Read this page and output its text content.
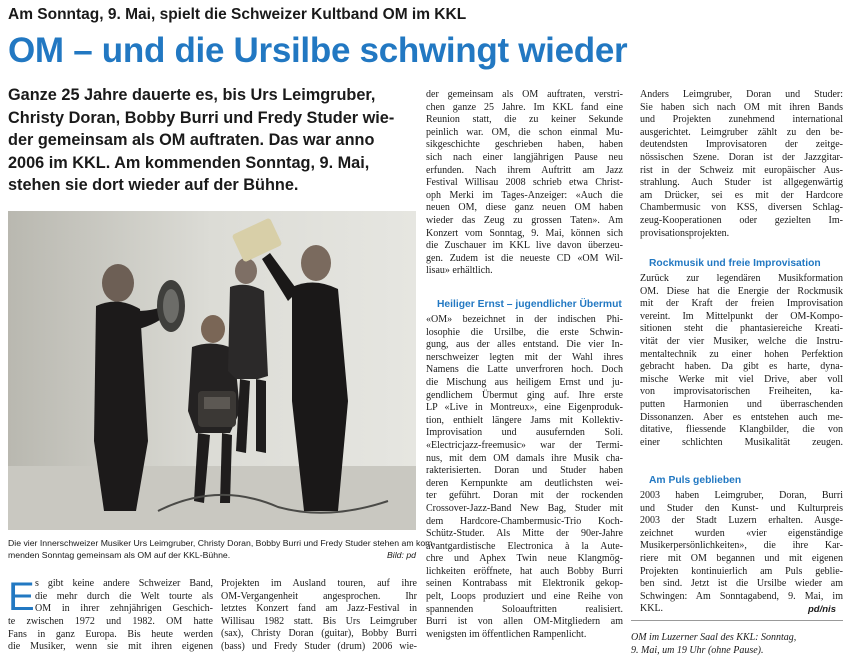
Am Sonntag, 9. Mai, spielt die Schweizer Kultband OM im KKL
OM – und die Ursilbe schwingt wieder
Ganze 25 Jahre dauerte es, bis Urs Leimgruber,
Christy Doran, Bobby Burri und Fredy Studer wie-
der gemeinsam als OM auftraten. Das war anno
2006 im KKL. Am kommenden Sonntag, 9. Mai,
stehen sie dort wieder auf der Bühne.
Die vier Innerschweizer Musiker Urs Leimgruber, Christy Doran, Bobby Burri und Fredy Studer stehen am kom-
menden Sonntag gemeinsam als OM auf der KKL-Bühne.	Bild: pd
E s gibt keine andere Schweizer Band,
die mehr durch die Welt tourte als
OM in ihrer zehnjährigen Geschich-
te zwischen 1972 und 1982. OM hatte
Fans in ganz Europa. Bis heute werden
die Musiker, wenn sie mit ihren eigenen
Projekten im Ausland touren, auf ihre
OM-Vergangenheit angesprochen. Ihr
letztes Konzert fand am Jazz-Festival in
Willisau 1982 statt. Bis Urs Leimgruber
(sax), Christy Doran (guitar), Bobby Burri
(bass) und Fredy Studer (drum) 2006 wie-
der gemeinsam als OM auftraten, verstri-
chen ganze 25 Jahre. Im KKL fand eine
Reunion statt, die zu keiner Sekunde
peinlich war. OM, die schon einmal Mu-
sikgeschichte geschrieben haben, haben
sich nach einer langjährigen Pause neu
erfunden. Nach ihrem Auftritt am Jazz
Festival Willisau 2008 schrieb etwa Christ-
oph Merki im Tages-Anzeiger: «Auch die
neuen OM, diese ganz neuen OM haben
wieder das Zeug zu grossen Taten». Am
Konzert vom Sonntag, 9. Mai, können sich
die Zuschauer im KKL live davon überzeu-
gen. Zudem ist die neueste CD «OM Wil-
lisau» erhältlich.
Heiliger Ernst – jugendlicher Übermut
«OM» bezeichnet in der indischen Phi-
losophie die Ursilbe, die erste Schwin-
gung, aus der alles entstand. Die vier In-
nerschweizer legten mit der Wahl ihres
Namens die Latte unverfroren hoch. Doch
die Mischung aus heiligem Ernst und ju-
gendlichem Übermut ging auf. Ihre erste
LP «Live in Montreux», eine Eigenproduk-
tion, enthielt längere Jams mit Kollektiv-
Improvisation und ausufernden Soli.
«Electricjazz-freemusic» war der Termi-
nus, mit dem OM damals ihre Musik cha-
rakterisierten. Doran und Studer haben
deren Kernpunkte am deutlichsten wei-
ter geführt. Doran mit der rockenden
Crossover-Jazz-Band New Bag, Studer mit
dem Hardcore-Chambermusic-Trio Koch-
Schütz-Studer. Als Mitte der 90er-Jahre
avantgardistische Electronica à la Aute-
chre und Aphex Twin neue Klangmög-
lichkeiten eröffnete, hat auch Bobby Burri
seinen Kontrabass mit Elektronik gekop-
pelt, Loops produziert und eine Reihe von
spannenden Soloauftritten realisiert.
Burri ist von allen OM-Mitgliedern am
wenigsten im öffentlichen Rampenlicht.
Anders Leimgruber, Doran und Studer:
Sie haben sich nach OM mit ihren Bands
und Projekten zunehmend international
ausgerichtet. Leimgruber zählt zu den be-
deutendsten Improvisatoren der zeitge-
nössischen Szene. Doran ist der Jazzgitar-
rist in der Schweiz mit europäischer Aus-
strahlung. Auch Studer ist allgegenwärtig
am Drücker, sei es mit der Hardcore
Chambermusic von KSS, diversen Schlag-
zeug-Kooperationen oder gezielten Im-
provisationsprojekten.
Rockmusik und freie Improvisation
Zurück zur legendären Musikformation
OM. Diese hat die Energie der Rockmusik
mit der Kraft der freien Improvisation
vereint. Im Mittelpunkt der OM-Kompo-
sitionen steht die phantasiereiche Kreati-
vität der vier Musiker, welche die Instru-
mentaltechnik zu einer hohen Perfektion
gebracht haben. Da gibt es harte, dyna-
mische Werke mit viel Drive, aber voll
von improvisatorischen Freiheiten, ka-
putten Harmonien und überraschenden
Dissonanzen. Aber es entstehen auch me-
ditative, fliessende Klangbilder, die von
einer schlichten Musikalität zeugen.
Am Puls geblieben
2003 haben Leimgruber, Doran, Burri
und Studer den Kunst- und Kulturpreis
2003 der Stadt Luzern erhalten. Ausge-
zeichnet wurden «vier eigenständige
Musikerpersönlichkeiten», die ihre Kar-
riere mit OM begannen und mit eigenen
Projekten kontinuierlich am Puls geblie-
ben sind. Jetzt ist die Ursilbe wieder am
Schwingen: Am Sonntagabend, 9. Mai, im
KKL.	pd/nis
OM im Luzerner Saal des KKL: Sonntag,
9. Mai, um 19 Uhr (ohne Pause).
